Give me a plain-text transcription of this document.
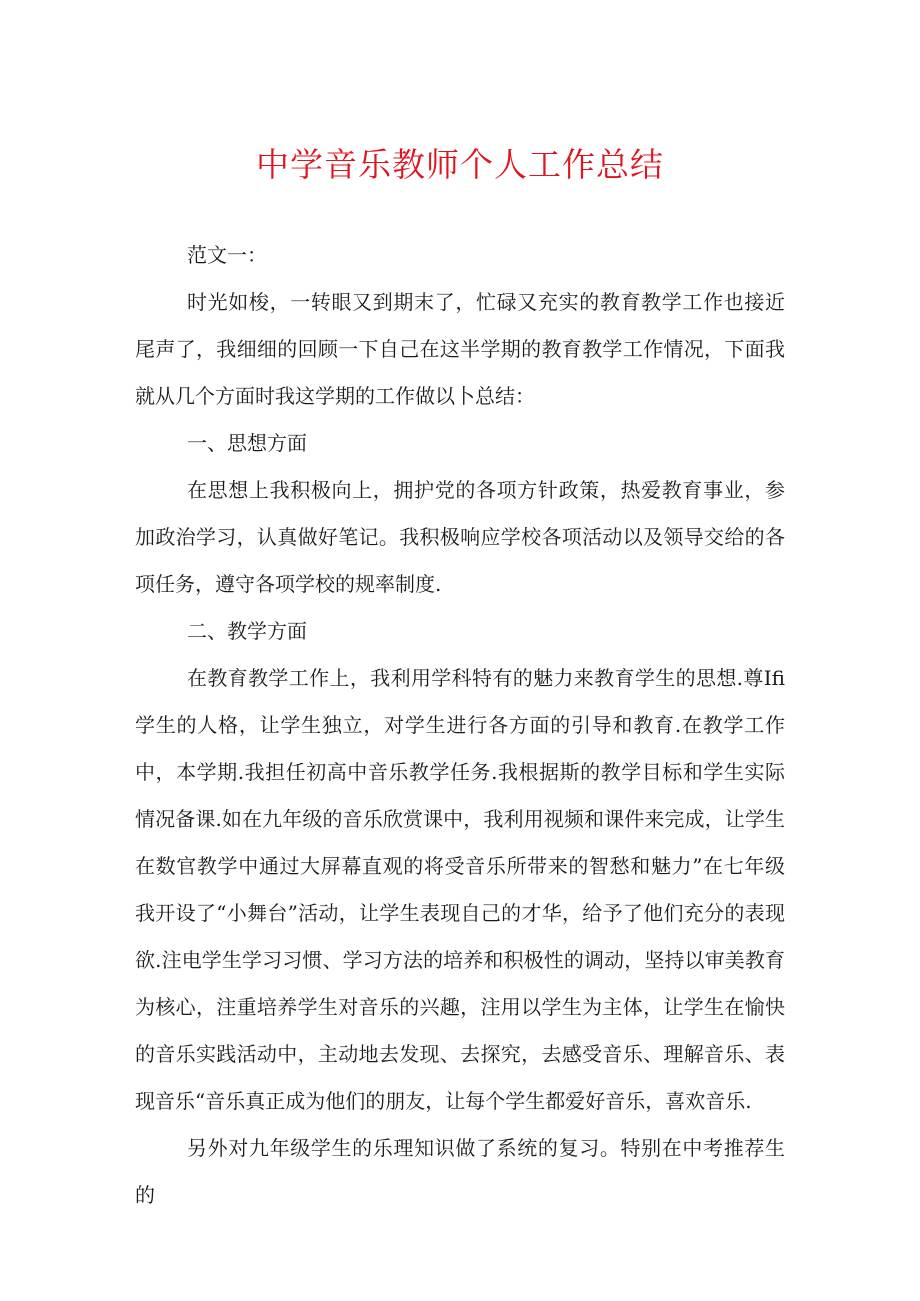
中学音乐教师个人工作总结

范文一：

时光如梭，一转眼又到期末了，忙碌又充实的教育教学工作也接近尾声了，我细细的回顾一下自己在这半学期的教育教学工作情况，下面我就从几个方面时我这学期的工作做以卜总结：

一、思想方面

在思想上我积极向上，拥护党的各项方针政策，热爱教育事业，参加政治学习，认真做好笔记。我积极响应学校各项活动以及领导交给的各项任务，遵守各项学校的规率制度.

二、教学方面

在教育教学工作上，我利用学科特有的魅力来教育学生的思想.尊Ifi学生的人格，让学生独立，对学生进行各方面的引导和教育.在教学工作中，本学期.我担任初高中音乐教学任务.我根据斯的教学目标和学生实际情况备课.如在九年级的音乐欣赏课中，我利用视频和课件来完成，让学生在数官教学中通过大屏幕直观的将受音乐所带来的智愁和魅力”在七年级我开设了“小舞台”活动，让学生表现自己的才华，给予了他们充分的表现欲.注电学生学习习惯、学习方法的培养和积极性的调动，坚持以审美教育为核心，注重培养学生对音乐的兴趣，注用以学生为主体，让学生在愉快的音乐实践活动中，主动地去发现、去探究，去感受音乐、理解音乐、表现音乐“音乐真正成为他们的朋友，让每个学生都爱好音乐，喜欢音乐.

另外对九年级学生的乐理知识做了系统的复习。特别在中考推荐生的
